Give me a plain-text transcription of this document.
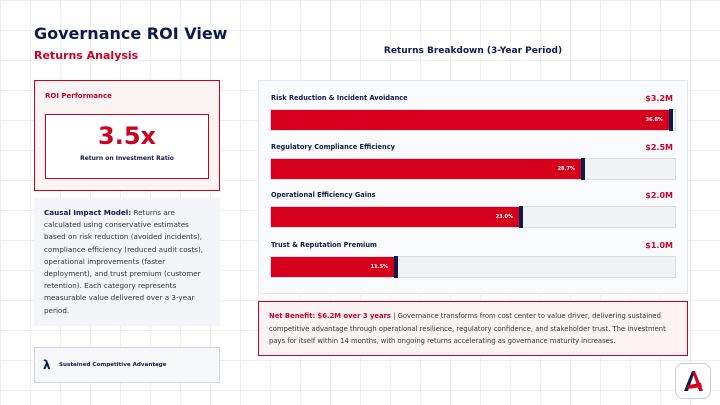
Governance ROI View
Returns Analysis
ROI Performance
3.5x
Return on Investment Ratio
Causal Impact Model: Returns are calculated using conservative estimates based on risk reduction (avoided incidents), compliance efficiency (reduced audit costs), operational improvements (faster deployment), and trust premium (customer retention). Each category represents measurable value delivered over a 3-year period.
λ Sustained Competitive Advantage
Returns Breakdown (3-Year Period)
Risk Reduction & Incident Avoidance	$3.2M
36.8%
Regulatory Compliance Efficiency	$2.5M
28.7%
Operational Efficiency Gains	$2.0M
23.0%
Trust & Reputation Premium	$1.0M
11.5%
Net Benefit: $6.2M over 3 years | Governance transforms from cost center to value driver, delivering sustained competitive advantage through operational resilience, regulatory confidence, and stakeholder trust. The investment pays for itself within 14 months, with ongoing returns accelerating as governance maturity increases.
